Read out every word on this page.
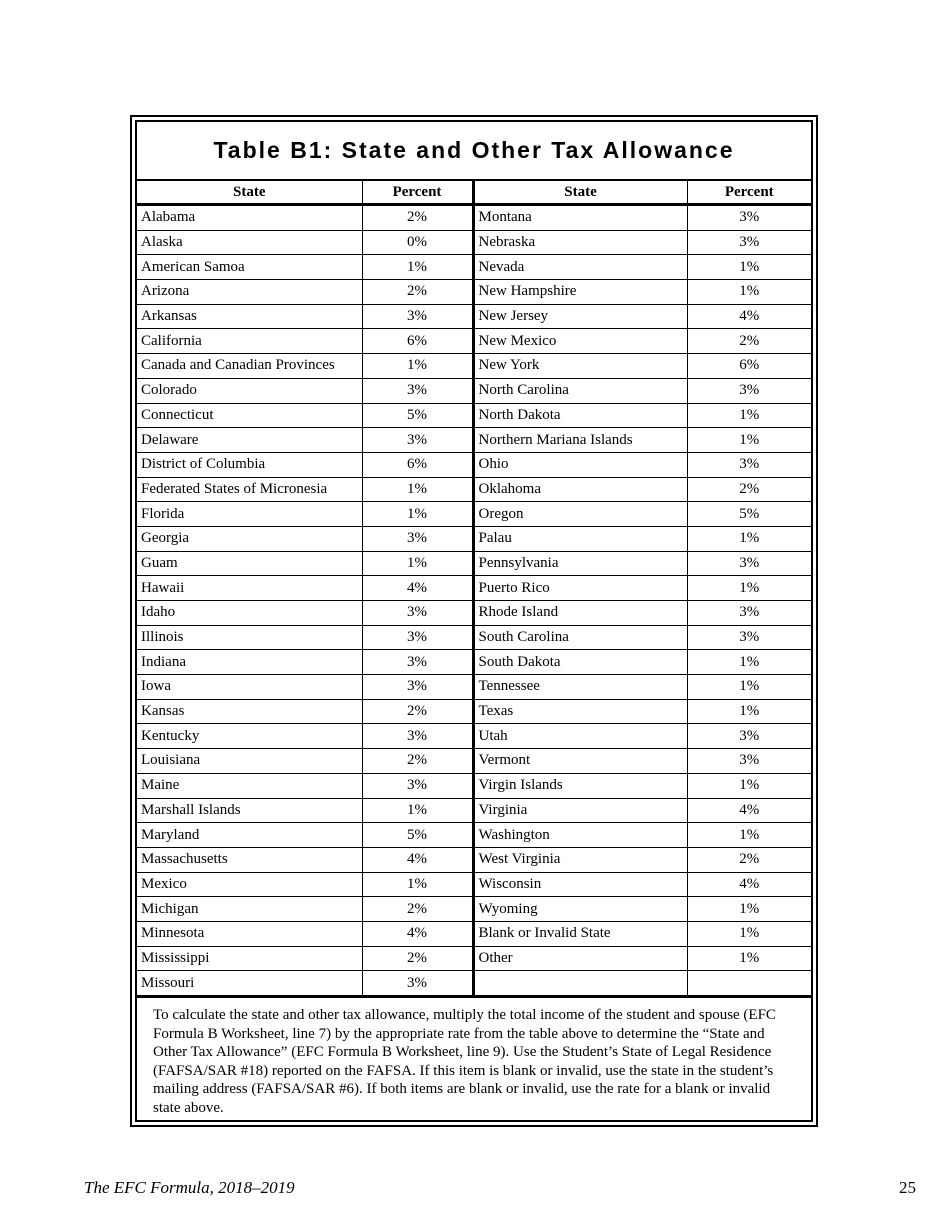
Table B1: State and Other Tax Allowance
State	Percent	State	Percent
Alabama	2%	Montana	3%
Alaska	0%	Nebraska	3%
American Samoa	1%	Nevada	1%
Arizona	2%	New Hampshire	1%
Arkansas	3%	New Jersey	4%
California	6%	New Mexico	2%
Canada and Canadian Provinces	1%	New York	6%
Colorado	3%	North Carolina	3%
Connecticut	5%	North Dakota	1%
Delaware	3%	Northern Mariana Islands	1%
District of Columbia	6%	Ohio	3%
Federated States of Micronesia	1%	Oklahoma	2%
Florida	1%	Oregon	5%
Georgia	3%	Palau	1%
Guam	1%	Pennsylvania	3%
Hawaii	4%	Puerto Rico	1%
Idaho	3%	Rhode Island	3%
Illinois	3%	South Carolina	3%
Indiana	3%	South Dakota	1%
Iowa	3%	Tennessee	1%
Kansas	2%	Texas	1%
Kentucky	3%	Utah	3%
Louisiana	2%	Vermont	3%
Maine	3%	Virgin Islands	1%
Marshall Islands	1%	Virginia	4%
Maryland	5%	Washington	1%
Massachusetts	4%	West Virginia	2%
Mexico	1%	Wisconsin	4%
Michigan	2%	Wyoming	1%
Minnesota	4%	Blank or Invalid State	1%
Mississippi	2%	Other	1%
Missouri	3%		
To calculate the state and other tax allowance, multiply the total income of the student and spouse (EFC Formula B Worksheet, line 7) by the appropriate rate from the table above to determine the “State and Other Tax Allowance” (EFC Formula B Worksheet, line 9). Use the Student’s State of Legal Residence (FAFSA/SAR #18) reported on the FAFSA. If this item is blank or invalid, use the state in the student’s mailing address (FAFSA/SAR #6). If both items are blank or invalid, use the rate for a blank or invalid state above.
The EFC Formula, 2018–2019	25
